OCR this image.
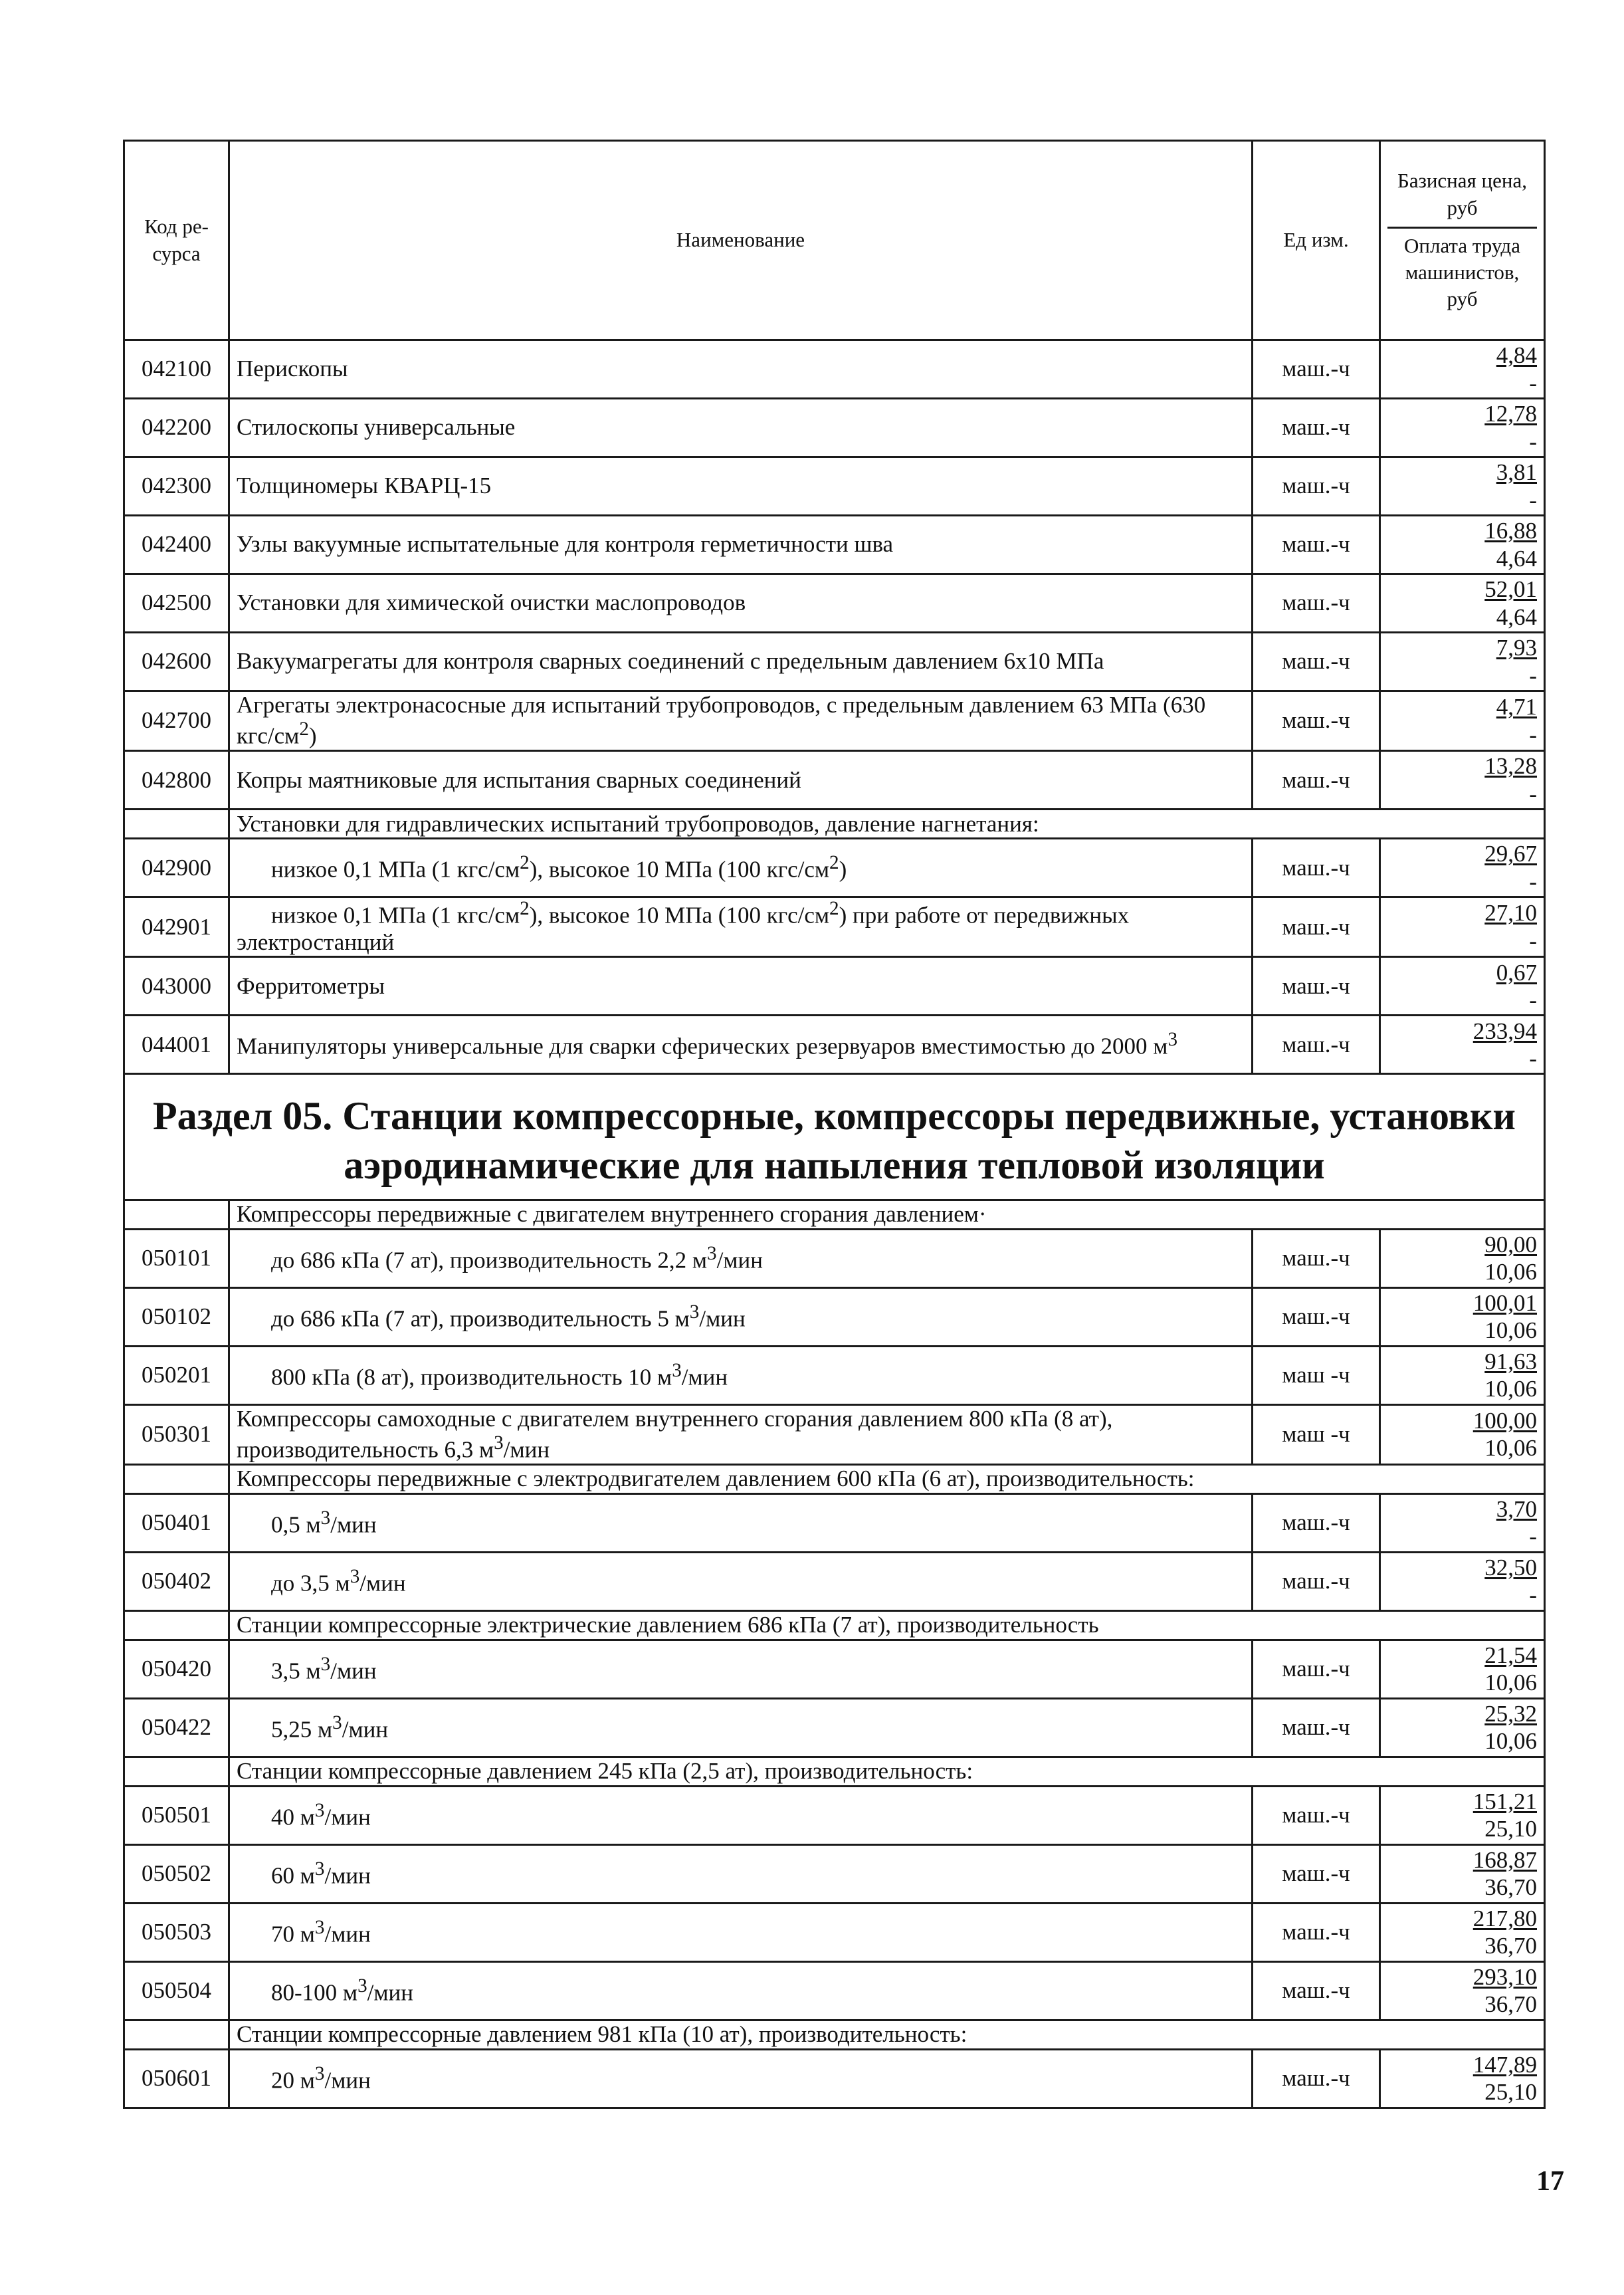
Код ре-сурса	Наименование	Ед изм.	Базисная цена, руб
Оплата труда машинистов, руб

042100	Перископы	маш.-ч	4,84
-

042200	Стилоскопы универсальные	маш.-ч	12,78
-

042300	Толщиномеры КВАРЦ-15	маш.-ч	3,81
-

042400	Узлы вакуумные испытательные для контроля герметичности шва	маш.-ч	16,88
4,64

042500	Установки для химической очистки маслопроводов	маш.-ч	52,01
4,64

042600	Вакуумагрегаты для контроля сварных соединений с предельным давлением 6x10 МПа	маш.-ч	7,93
-

042700	Агрегаты электронасосные для испытаний трубопроводов, с предельным давлением 63 МПа (630 кгс/$см^2$)	маш.-ч	4,71
-

042800	Копры маятниковые для испытания сварных соединений	маш.-ч	13,28
-

	Установки для гидравлических испытаний трубопроводов, давление нагнетания:		
042900	низкое 0,1 МПа (1 кгс/$см^2$), высокое 10 МПа (100 кгс/$см^2$)	маш.-ч	29,67
-

042901	низкое 0,1 МПа (1 кгс/$см^2$), высокое 10 МПа (100 кгс/$см^2$) при работе от передвижных электростанций	маш.-ч	27,10
-

043000	Ферритометры	маш.-ч	0,67
-

044001	Манипуляторы универсальные для сварки сферических резервуаров вместимостью до 2000 $м^3$	маш.-ч	233,94
-

Раздел 05. Станции компрессорные, компрессоры передвижные, установки
аэродинамические для напыления тепловой изоляции			

	Компрессоры передвижные с двигателем внутреннего сгорания давлением·		
050101	до 686 кПа (7 ат), производительность 2,2 $м^3$/мин	маш.-ч	90,00
10,06

050102	до 686 кПа (7 ат), производительность 5 $м^3$/мин	маш.-ч	100,01
10,06

050201	800 кПа (8 ат), производительность 10 $м^3$/мин	маш -ч	91,63
10,06

050301	Компрессоры самоходные с двигателем внутреннего сгорания давлением 800 кПа (8 ат), производительность 6,3 $м^3$/мин	маш -ч	100,00
10,06

	Компрессоры передвижные с электродвигателем давлением 600 кПа (6 ат), производительность:		
050401	0,5 $м^3$/мин	маш.-ч	3,70
-

050402	до 3,5 $м^3$/мин	маш.-ч	32,50
-

	Станции компрессорные электрические давлением 686 кПа (7 ат), производительность		
050420	3,5 $м^3$/мин	маш.-ч	21,54
10,06

050422	5,25 $м^3$/мин	маш.-ч	25,32
10,06

	Станции компрессорные давлением 245 кПа (2,5 ат), производительность:		
050501	40 $м^3$/мин	маш.-ч	151,21
25,10

050502	60 $м^3$/мин	маш.-ч	168,87
36,70

050503	70 $м^3$/мин	маш.-ч	217,80
36,70

050504	80-100 $м^3$/мин	маш.-ч	293,10
36,70

	Станции компрессорные давлением 981 кПа (10 ат), производительность:		
050601	20 $м^3$/мин	маш.-ч	147,89
25,10
17
